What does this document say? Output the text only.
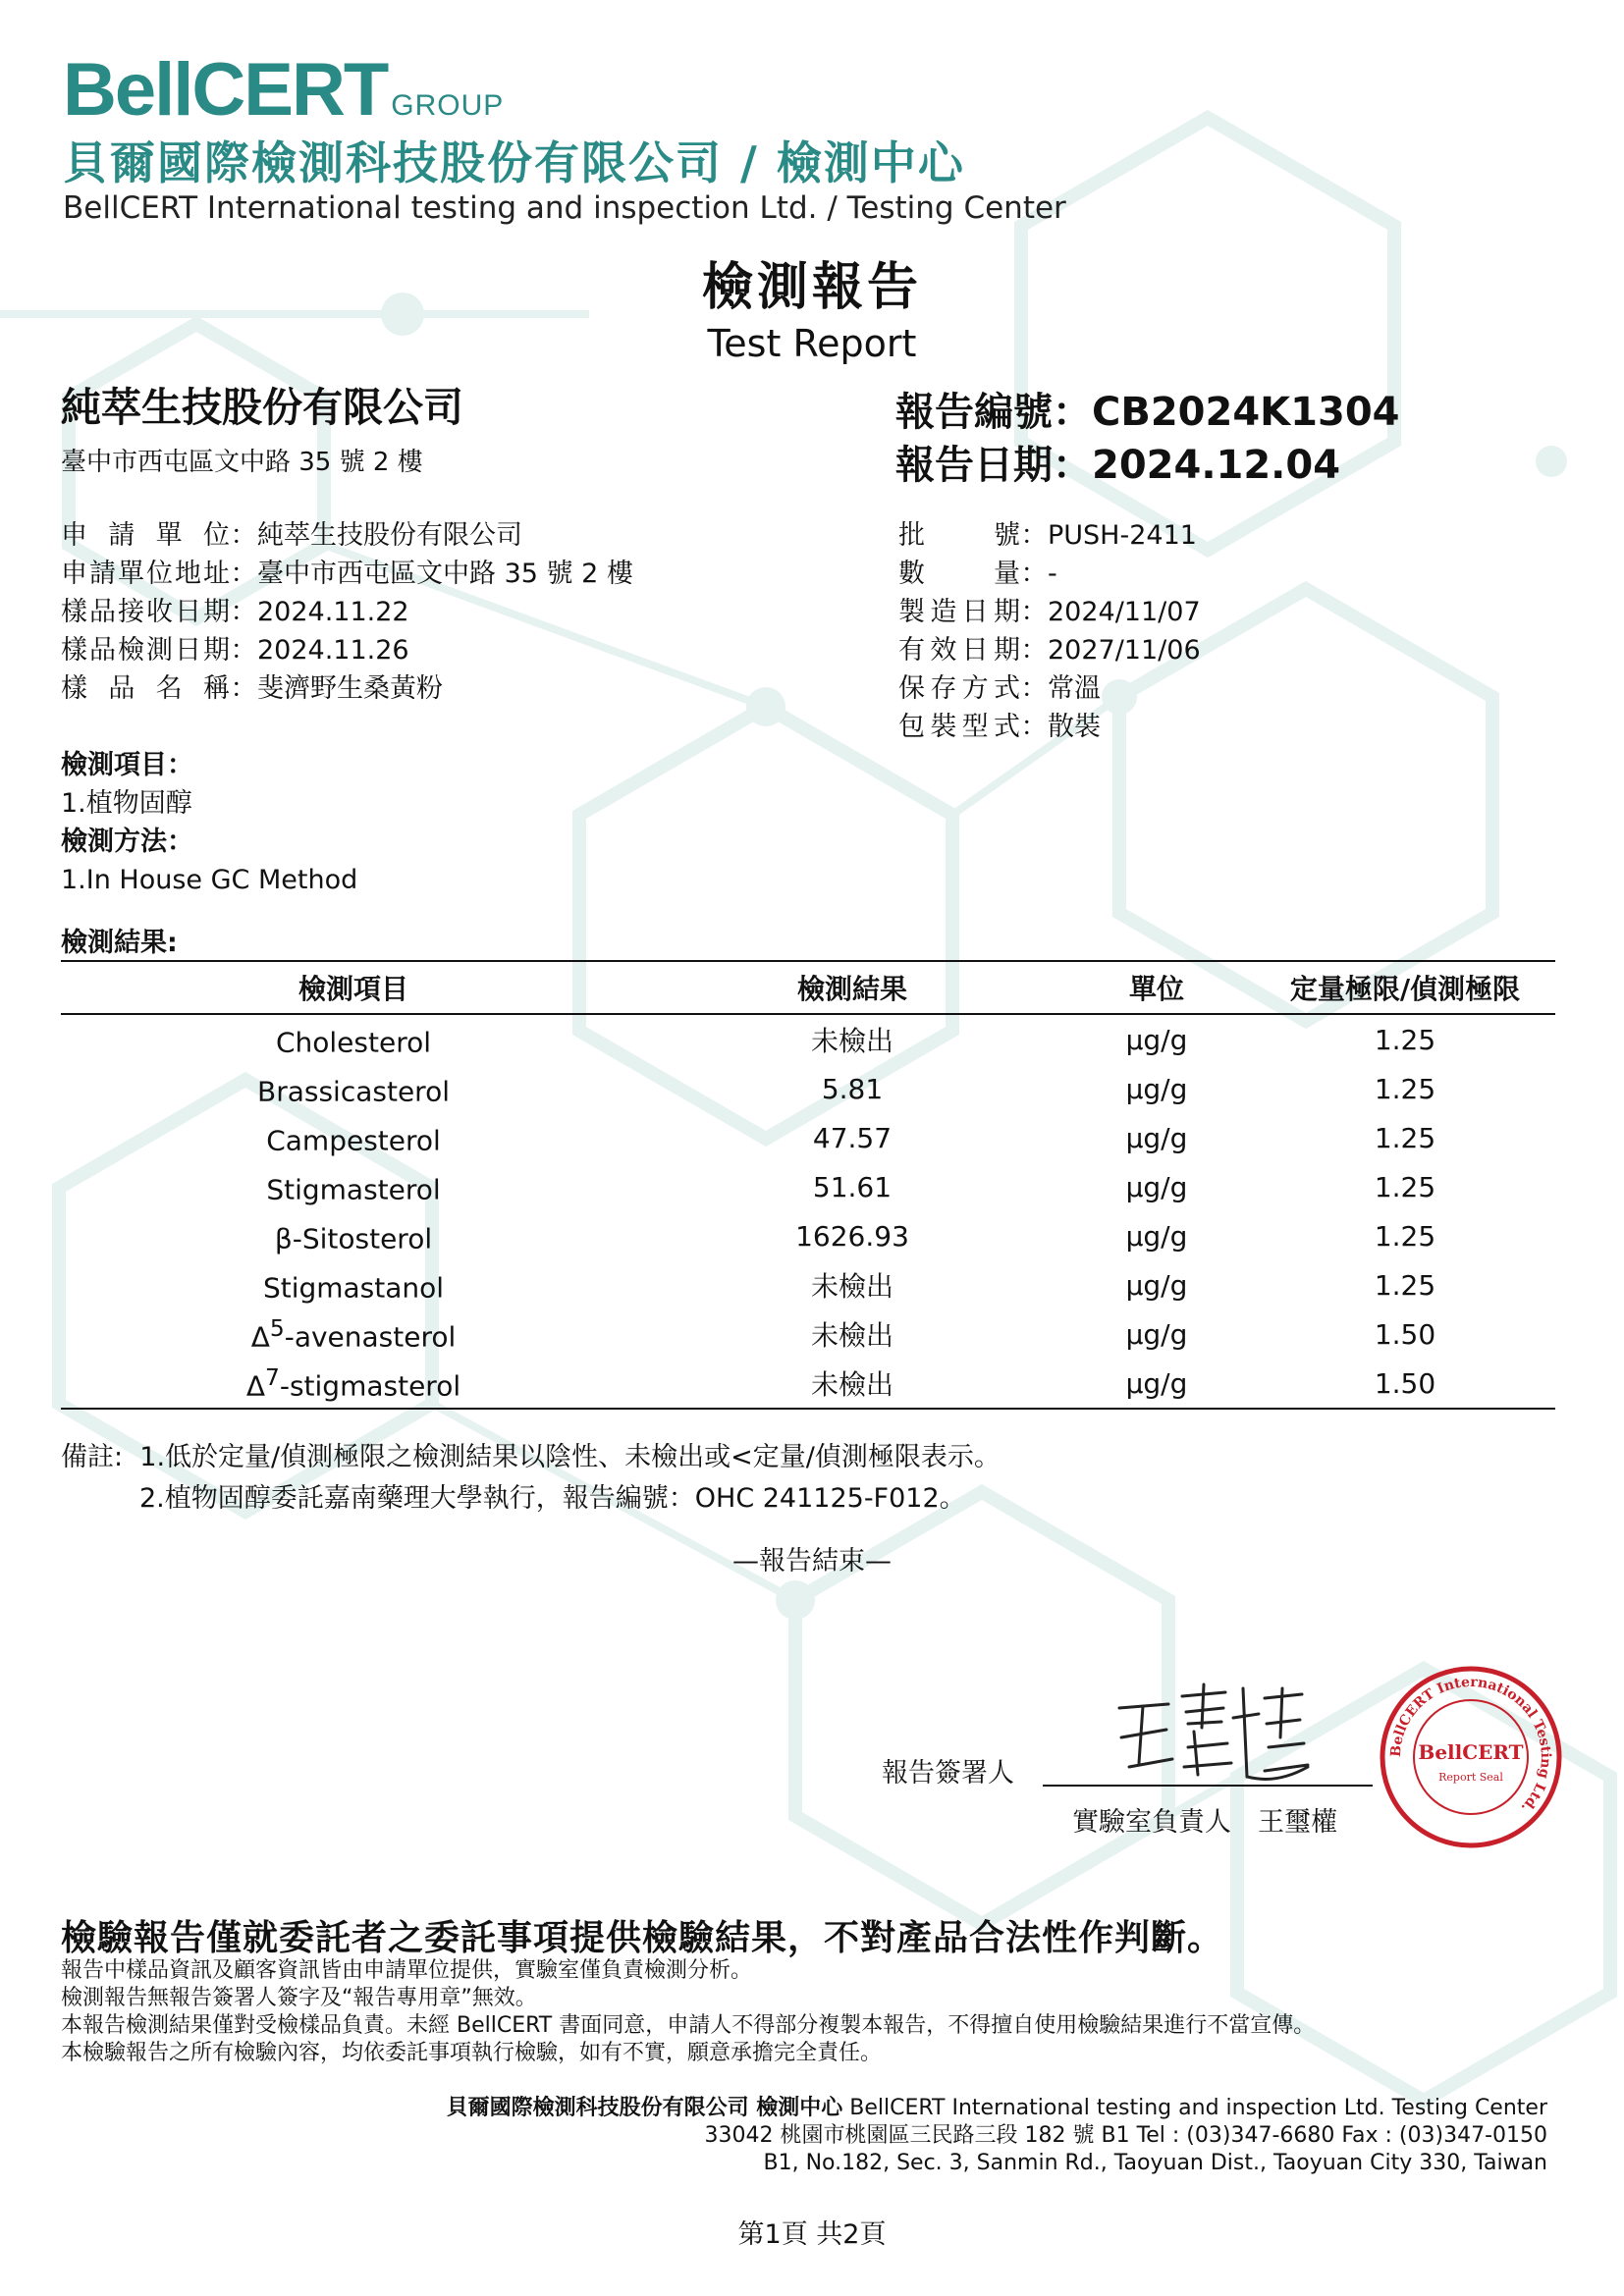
BellCERT GROUP
貝爾國際檢測科技股份有限公司 / 檢測中心
BellCERT International testing and inspection Ltd. / Testing Center
檢測報告
Test Report
純萃生技股份有限公司
臺中市西屯區文中路 35 號 2 樓
報告編號：CB2024K1304
報告日期：2024.12.04
申請單位 ： 純萃生技股份有限公司
申請單位地址 ： 臺中市西屯區文中路 35 號 2 樓
樣品接收日期 ： 2024.11.22
樣品檢測日期 ： 2024.11.26
樣品名稱 ： 斐濟野生桑黃粉
批號 ： PUSH-2411
數量 ： -
製造日期 ： 2024/11/07
有效日期 ： 2027/11/06
保存方式 ： 常溫
包裝型式 ： 散裝
檢測項目：
1.植物固醇
檢測方法：
1.In House GC Method
檢測結果:
檢測項目	檢測結果	單位	定量極限/偵測極限
Cholesterol	未檢出	μg/g	1.25
Brassicasterol	5.81	μg/g	1.25
Campesterol	47.57	μg/g	1.25
Stigmasterol	51.61	μg/g	1.25
β-Sitosterol	1626.93	μg/g	1.25
Stigmastanol	未檢出	μg/g	1.25
$\Delta^5$-avenasterol	未檢出	μg/g	1.50
$\Delta^7$-stigmasterol	未檢出	μg/g	1.50
備註: 1.低於定量/偵測極限之檢測結果以陰性、未檢出或<定量/偵測極限表示。
2.植物固醇委託嘉南藥理大學執行，報告編號：OHC 241125-F012。
—報告結束—
報告簽署人
實驗室負責人　王璽權
BellCERT International Testing Ltd.
BellCERT
Report Seal
檢驗報告僅就委託者之委託事項提供檢驗結果，不對產品合法性作判斷。
報告中樣品資訊及顧客資訊皆由申請單位提供，實驗室僅負責檢測分析。
檢測報告無報告簽署人簽字及“報告專用章”無效。
本報告檢測結果僅對受檢樣品負責。未經 BellCERT 書面同意，申請人不得部分複製本報告，不得擅自使用檢驗結果進行不當宣傳。
本檢驗報告之所有檢驗內容，均依委託事項執行檢驗，如有不實，願意承擔完全責任。
貝爾國際檢測科技股份有限公司 檢測中心 BellCERT International testing and inspection Ltd. Testing Center
33042 桃園市桃園區三民路三段 182 號 B1 Tel : (03)347-6680 Fax : (03)347-0150
B1, No.182, Sec. 3, Sanmin Rd., Taoyuan Dist., Taoyuan City 330, Taiwan
第1頁 共2頁
